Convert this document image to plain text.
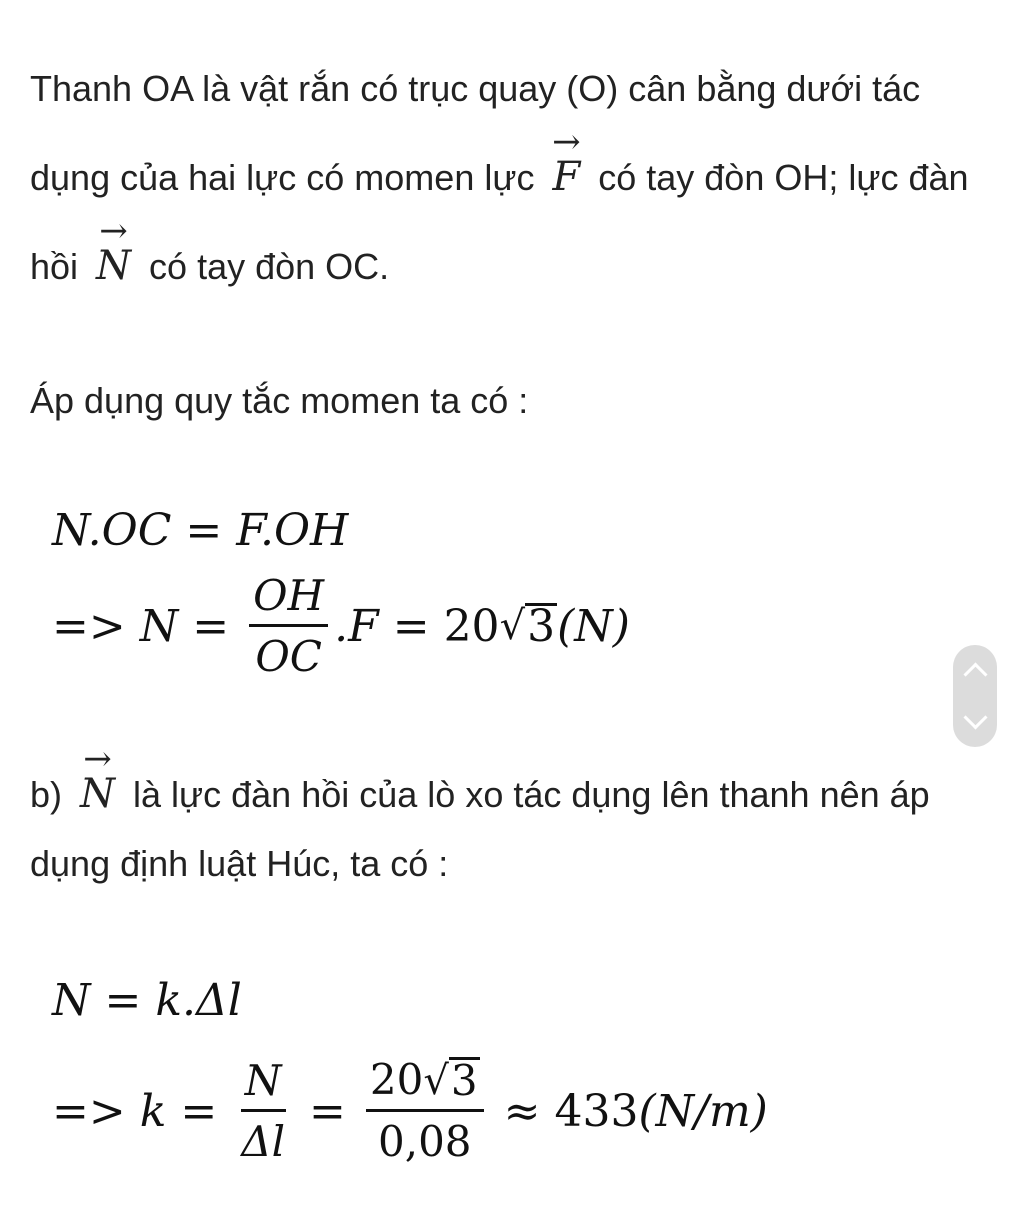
Thanh OA là vật rắn có trục quay (O) cân bằng dưới tác dụng của hai lực có momen lực
→
F có tay đòn OH; lực đàn hồi
→
N có tay đòn OC.

Áp dụng quy tắc momen ta có :

N.OC = F.OH
=> $N = \frac{OH}{OC} .F = 20$ √ 3 (N)

b)
→
N là lực đàn hồi của lò xo tác dụng lên thanh nên áp dụng định luật Húc, ta có :

N = k.Δl
=> $k = \frac{N}{\Delta l} = \frac{20 √ 3}{0,08} \approx 433$ (N/m)
